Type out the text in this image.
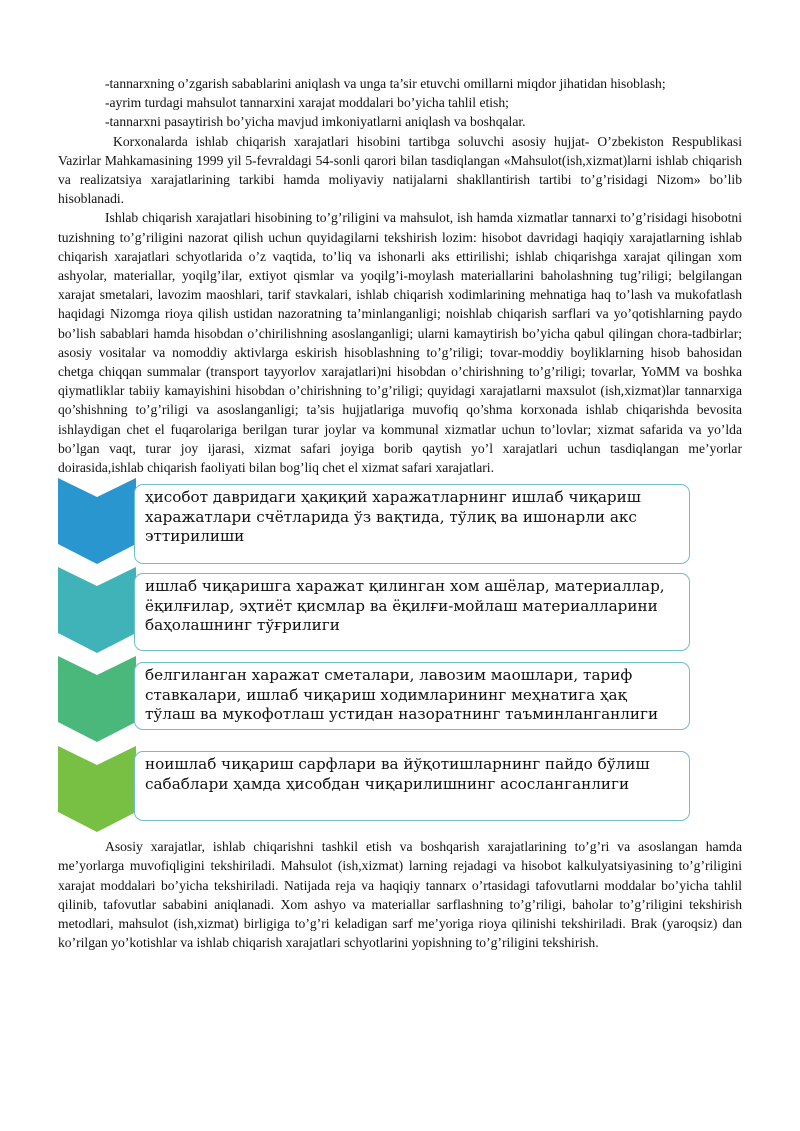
-tannarxning o’zgarish sabablarini aniqlash va unga ta’sir etuvchi omillarni miqdor jihatidan hisoblash;

-ayrim turdagi mahsulot tannarxini xarajat moddalari bo’yicha tahlil etish;

-tannarxni pasaytirish bo’yicha mavjud imkoniyatlarni aniqlash va boshqalar.

Korxonalarda ishlab chiqarish xarajatlari hisobini tartibga soluvchi asosiy hujjat- O’zbekiston Respublikasi Vazirlar Mahkamasining 1999 yil 5-fevraldagi 54-sonli qarori bilan tasdiqlangan «Mahsulot(ish,xizmat)larni ishlab chiqarish va realizatsiya xarajatlarining tarkibi hamda moliyaviy natijalarni shakllantirish tartibi to’g’risidagi Nizom» bo’lib hisoblanadi.

Ishlab chiqarish xarajatlari hisobining to’g’riligini va mahsulot, ish hamda xizmatlar tannarxi to’g’risidagi hisobotni tuzishning to’g’riligini nazorat qilish uchun quyidagilarni tekshirish lozim: hisobot davridagi haqiqiy xarajatlarning ishlab chiqarish xarajatlari schyotlarida o’z vaqtida, to’liq va ishonarli aks ettirilishi; ishlab chiqarishga xarajat qilingan xom ashyolar, materiallar, yoqilg’ilar, extiyot qismlar va yoqilg’i-moylash materiallarini baholashning tug’riligi; belgilangan xarajat smetalari, lavozim maoshlari, tarif stavkalari, ishlab chiqarish xodimlarining mehnatiga haq to’lash va mukofatlash haqidagi Nizomga rioya qilish ustidan nazoratning ta’minlanganligi; noishlab chiqarish sarflari va yo’qotishlarning paydo bo’lish sabablari hamda hisobdan o’chirilishning asoslanganligi; ularni kamaytirish bo’yicha qabul qilingan chora-tadbirlar; asosiy vositalar va nomoddiy aktivlarga eskirish hisoblashning to’g’riligi; tovar-moddiy boyliklarning hisob bahosidan chetga chiqqan summalar (transport tayyorlov xarajatlari)ni hisobdan o’chirishning to’g’riligi; tovarlar, YoMM va boshka qiymatliklar tabiiy kamayishini hisobdan o’chirishning to’g’riligi; quyidagi xarajatlarni maxsulot (ish,xizmat)lar tannarxiga qo’shishning to’g’riligi va asoslanganligi; ta’sis hujjatlariga muvofiq qo’shma korxonada ishlab chiqarishda bevosita ishlaydigan chet el fuqarolariga berilgan turar joylar va kommunal xizmatlar uchun to’lovlar; xizmat safarida va yo’lda bo’lgan vaqt, turar joy ijarasi, xizmat safari joyiga borib qaytish yo’l xarajatlari uchun tasdiqlangan me’yorlar doirasida,ishlab chiqarish faoliyati bilan bog’liq chet el xizmat safari xarajatlari.

ҳисобот давридаги ҳақиқий харажатларнинг ишлаб чиқариш харажатлари счётларида ўз вақтида, тўлиқ ва ишонарли акс эттирилиши
ишлаб чиқаришга харажат қилинган хом ашёлар, материаллар, ёқилғилар, эҳтиёт қисмлар ва ёқилғи-мойлаш материалларини баҳолашнинг тўғрилиги
белгиланган харажат сметалари, лавозим маошлари, тариф ставкалари, ишлаб чиқариш ходимларининг меҳнатига ҳақ тўлаш ва мукофотлаш устидан назоратнинг таъминланганлиги
ноишлаб чиқариш сарфлари ва йўқотишларнинг пайдо бўлиш сабаблари ҳамда ҳисобдан чиқарилишнинг асосланганлиги

Asosiy xarajatlar, ishlab chiqarishni tashkil etish va boshqarish xarajatlarining to’g’ri va asoslangan hamda me’yorlarga muvofiqligini tekshiriladi. Mahsulot (ish,xizmat) larning rejadagi va hisobot kalkulyatsiyasining to’g’riligini xarajat moddalari bo’yicha tekshiriladi. Natijada reja va haqiqiy tannarx o’rtasidagi tafovutlarni moddalar bo’yicha tahlil qilinib, tafovutlar sababini aniqlanadi. Xom ashyo va materiallar sarflashning to’g’riligi, baholar to’g’riligini tekshirish metodlari, mahsulot (ish,xizmat) birligiga to’g’ri keladigan sarf me’yoriga rioya qilinishi tekshiriladi. Brak (yaroqsiz) dan ko’rilgan yo’kotishlar va ishlab chiqarish xarajatlari schyotlarini yopishning to’g’riligini tekshirish.
